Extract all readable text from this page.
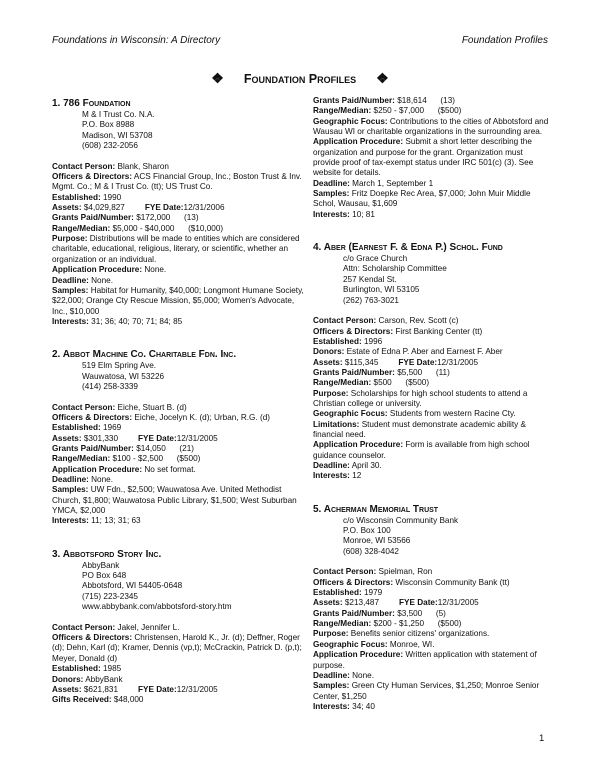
Foundations in Wisconsin: A Directory	Foundation Profiles
❖ Foundation Profiles ❖
1. 786 Foundation
M & I Trust Co. N.A.
P.O. Box 8988
Madison, WI 53708
(608) 232-2056

Contact Person: Blank, Sharon

Officers & Directors: ACS Financial Group, Inc.; Boston Trust & Inv. Mgmt. Co.; M & I Trust Co. (tt); US Trust Co.

Established: 1990

Assets: $4,029,827 FYE Date:12/31/2006

Grants Paid/Number: $172,000      (13)

Range/Median: $5,000 - $40,000      ($10,000)

Purpose: Distributions will be made to entities which are considered charitable, educational, religious, literary, or scientific, whether an organization or an individual.

Application Procedure: None.

Deadline: None.

Samples: Habitat for Humanity, $40,000; Longmont Humane Society, $22,000; Orange Cty Rescue Mission, $5,000; Women's Advocate, Inc., $10,000

Interests: 31; 36; 40; 70; 71; 84; 85

2. Abbot Machine Co. Charitable Fdn. Inc.
519 Elm Spring Ave.
Wauwatosa, WI 53226
(414) 258-3339

Contact Person: Eiche, Stuart B. (d)

Officers & Directors: Eiche, Jocelyn K. (d); Urban, R.G. (d)

Established: 1969

Assets: $301,330 FYE Date:12/31/2005

Grants Paid/Number: $14,050      (21)

Range/Median: $100 - $2,500      ($500)

Application Procedure: No set format.

Deadline: None.

Samples: UW Fdn., $2,500; Wauwatosa Ave. United Methodist Church, $1,800; Wauwatosa Public Library, $1,500; West Suburban YMCA, $2,000

Interests: 11; 13; 31; 63

3. Abbotsford Story Inc.
AbbyBank
PO Box 648
Abbotsford, WI 54405-0648
(715) 223-2345
www.abbybank.com/abbotsford-story.htm

Contact Person: Jakel, Jennifer L.

Officers & Directors: Christensen, Harold K., Jr. (d); Deffner, Roger (d); Dehn, Karl (d); Kramer, Dennis (vp,t); McCrackin, Patrick D. (p,t); Meyer, Donald (d)

Established: 1985

Donors: AbbyBank

Assets: $621,831 FYE Date:12/31/2005

Gifts Received: $48,000

Grants Paid/Number: $18,614      (13)

Range/Median: $250 - $7,000      ($500)

Geographic Focus: Contributions to the cities of Abbotsford and Wausau WI or charitable organizations in the surrounding area.

Application Procedure: Submit a short letter describing the organization and purpose for the grant. Organization must provide proof of tax-exempt status under IRC 501(c) (3). See website for details.

Deadline: March 1, September 1

Samples: Fritz Doepke Rec Area, $7,000; John Muir Middle Schol, Wausau, $1,609

Interests: 10; 81

4. Aber (Earnest F. & Edna P.) Schol. Fund
c/o Grace Church
Attn: Scholarship Committee
257 Kendal St.
Burlington, WI 53105
(262) 763-3021

Contact Person: Carson, Rev. Scott (c)

Officers & Directors: First Banking Center (tt)

Established: 1996

Donors: Estate of Edna P. Aber and Earnest F. Aber

Assets: $115,345 FYE Date:12/31/2005

Grants Paid/Number: $5,500      (11)

Range/Median: $500      ($500)

Purpose: Scholarships for high school students to attend a Christian college or university.

Geographic Focus: Students from western Racine Cty.

Limitations: Student must demonstrate academic ability & financial need.

Application Procedure: Form is available from high school guidance counselor.

Deadline: April 30.

Interests: 12

5. Acherman Memorial Trust
c/o Wisconsin Community Bank
P.O. Box 100
Monroe, WI 53566
(608) 328-4042

Contact Person: Spielman, Ron

Officers & Directors: Wisconsin Community Bank (tt)

Established: 1979

Assets: $213,487 FYE Date:12/31/2005

Grants Paid/Number: $3,500      (5)

Range/Median: $200 - $1,250      ($500)

Purpose: Benefits senior citizens' organizations.

Geographic Focus: Monroe, WI.

Application Procedure: Written application with statement of purpose.

Deadline: None.

Samples: Green Cty Human Services, $1,250; Monroe Senior Center, $1,250

Interests: 34; 40

1
